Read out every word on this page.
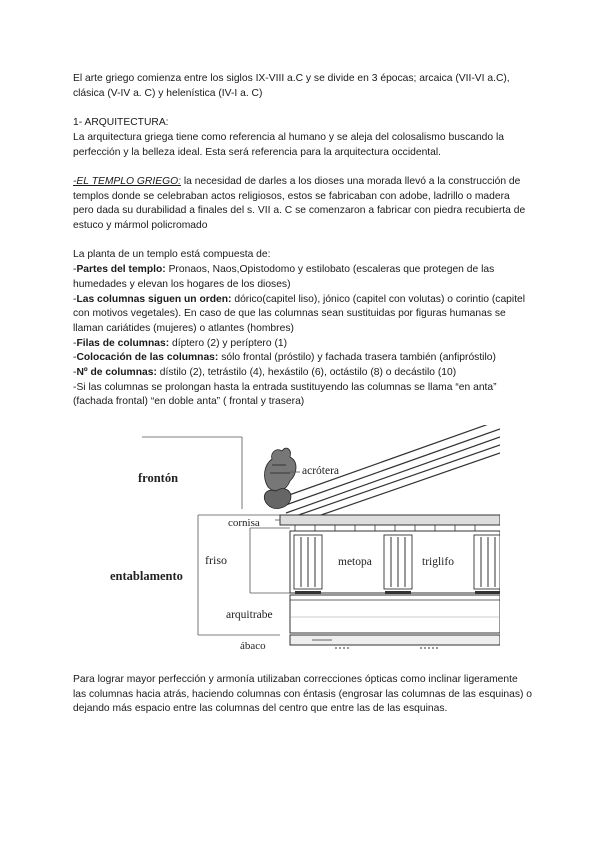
El arte griego comienza entre los siglos IX-VIII a.C y se divide en 3 épocas; arcaica (VII-VI a.C), clásica (V-IV a. C) y helenística (IV-I a. C)

1- ARQUITECTURA:

La arquitectura griega tiene como referencia al humano y se aleja del colosalismo buscando la perfección y la belleza ideal. Esta será referencia para la arquitectura occidental.

-EL TEMPLO GRIEGO: la necesidad de darles a los dioses una morada llevó a la construcción de templos donde se celebraban actos religiosos, estos se fabricaban con adobe, ladrillo o madera pero dada su durabilidad a finales del s. VII a. C se comenzaron a fabricar con piedra recubierta de estuco y mármol policromado

La planta de un templo está compuesta de:

-Partes del templo: Pronaos, Naos,Opistodomo y estilobato (escaleras que protegen de las humedades y elevan los hogares de los dioses)

-Las columnas siguen un orden: dórico(capitel liso), jónico (capitel con volutas) o corintio (capitel con motivos vegetales). En caso de que las columnas sean sustituidas por figuras humanas se llaman cariátides (mujeres) o atlantes (hombres)

-Filas de columnas: díptero (2) y períptero (1)

-Colocación de las columnas: sólo frontal (próstilo) y fachada trasera también (anfipróstilo)

-Nº de columnas: dístilo (2), tetrástilo (4), hexástilo (6), octástilo (8) o decástilo (10)

-Si las columnas se prolongan hasta la entrada sustituyendo las columnas se llama “en anta” (fachada frontal) “en doble anta” ( frontal y trasera)

frontón	acrótera
cornisa
friso	metopa	triglifo
entablamento
arquitrabe
ábaco

Para lograr mayor perfección y armonía utilizaban correcciones ópticas como inclinar ligeramente las columnas hacia atrás, haciendo columnas con éntasis (engrosar las columnas de las esquinas) o dejando más espacio entre las columnas del centro que entre las de las esquinas.
